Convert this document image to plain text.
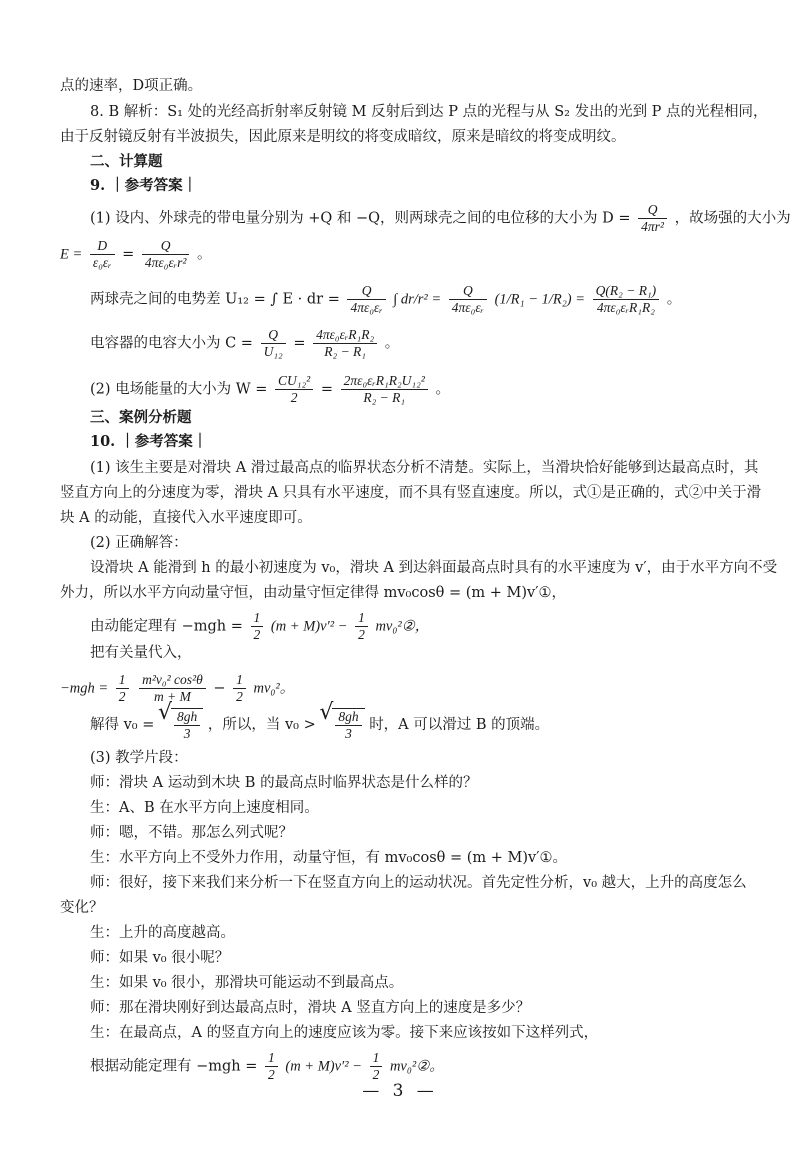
点的速率，D项正确。
8. B 解析：S₁ 处的光经高折射率反射镜 M 反射后到达 P 点的光程与从 S₂ 发出的光到 P 点的光程相同，
由于反射镜反射有半波损失，因此原来是明纹的将变成暗纹，原来是暗纹的将变成明纹。
二、计算题
9. ｜参考答案｜
(1) 设内、外球壳的带电量分别为 +Q 和 −Q，则两球壳之间的电位移的大小为 $D = \frac{Q}{\text{4πr²}}$ ，故场强的大小为
$E = \frac{D}{\text{ε₀εᵣ}} = \frac{Q}{\text{4πε₀εᵣr²}}$ 。
两球壳之间的电势差 U₁₂ = ∫ E · dr = $\frac{Q}{\text{4πε₀εᵣ}}$ ∫ $dr/r^2 = \frac{Q}{\text{4πε₀εᵣ}} (1/R_1 - 1/R_2) = \frac{\text{Q(R₂ − R₁)}}{\text{4πε₀εᵣR₁R₂}}$ 。
电容器的电容大小为 $C = \frac{Q}{\text{U₁₂}} = \frac{\text{4πε₀εᵣR₁R₂}}{\text{R₂ − R₁}}$ 。
(2) 电场能量的大小为 $W = \frac{\text{CU₁₂²}}{2} = \frac{\text{2πε₀εᵣR₁R₂U₁₂²}}{\text{R₂ − R₁}}$ 。
三、案例分析题
10. ｜参考答案｜
(1) 该生主要是对滑块 A 滑过最高点的临界状态分析不清楚。实际上，当滑块恰好能够到达最高点时，其
竖直方向上的分速度为零，滑块 A 只具有水平速度，而不具有竖直速度。所以，式①是正确的，式②中关于滑
块 A 的动能，直接代入水平速度即可。
(2) 正确解答：
设滑块 A 能滑到 h 的最小初速度为 v₀，滑块 A 到达斜面最高点时具有的水平速度为 v′，由于水平方向不受
外力，所以水平方向动量守恒，由动量守恒定律得 mv₀cosθ = (m + M)v′①，
由动能定理有 $-mgh = \frac{1}{2} (m + M)v'^2 - \frac{1}{2}$ mv₀²②，
把有关量代入，
$-mgh = \frac{1}{2}$
$\frac{\text{m²v₀² cos²θ}}{m + M} - \frac{1}{2} mv_0^2$。
解得 v₀ = √ $\frac{8gh}{3}$ ，所以，当 v₀ > √ $\frac{8gh}{3}$ 时，A 可以滑过 B 的顶端。
(3) 教学片段：
师：滑块 A 运动到木块 B 的最高点时临界状态是什么样的？
生：A、B 在水平方向上速度相同。
师：嗯，不错。那怎么列式呢？
生：水平方向上不受外力作用，动量守恒，有 mv₀cosθ = (m + M)v′①。
师：很好，接下来我们来分析一下在竖直方向上的运动状况。首先定性分析，v₀ 越大，上升的高度怎么
变化？
生：上升的高度越高。
师：如果 v₀ 很小呢？
生：如果 v₀ 很小，那滑块可能运动不到最高点。
师：那在滑块刚好到达最高点时，滑块 A 竖直方向上的速度是多少？
生：在最高点，A 的竖直方向上的速度应该为零。接下来应该按如下这样列式，
根据动能定理有 $-mgh = \frac{1}{2} (m + M)v'^2 - \frac{1}{2}$ mv₀²②。
— 3 —
